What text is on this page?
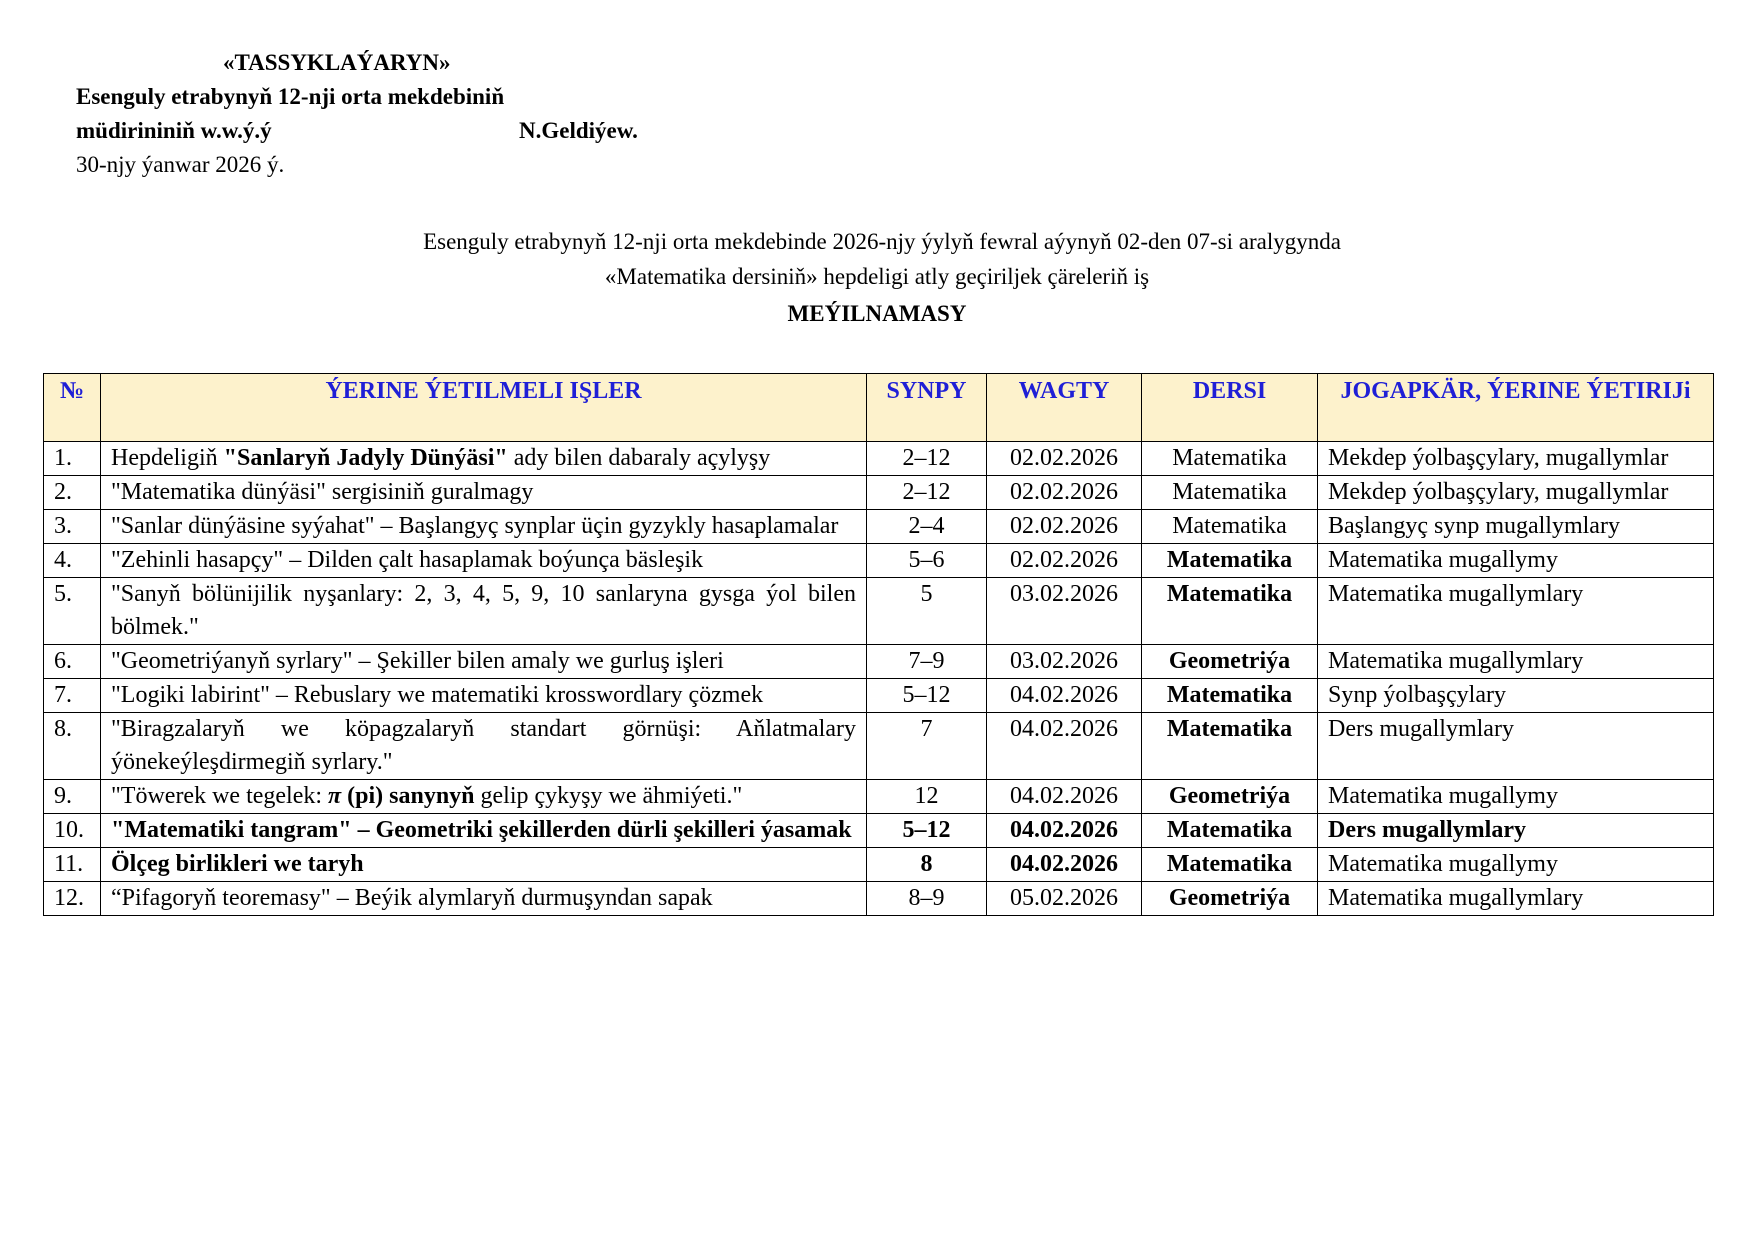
«TASSYKLAÝARYN»
Esenguly etrabynyň 12-nji orta mekdebiniň
müdirininiň w.w.ý.ý	N.Geldiýew.
30-njy ýanwar 2026 ý.
Esenguly etrabynyň 12-nji orta mekdebinde 2026-njy ýylyň fewral aýynyň 02-den 07-si aralygynda
«Matematika dersiniň» hepdeligi atly geçiriljek çäreleriň iş
MEÝILNAMASY
№	ÝERINE ÝETILMELI IŞLER	SYNPY	WAGTY	DERSI	JOGAPKÄR, ÝERINE ÝETIRIJi
1.	Hepdeligiň "Sanlaryň Jadyly Dünýäsi" ady bilen dabaraly açylyşy	2–12	02.02.2026	Matematika	Mekdep ýolbaşçylary, mugallymlar
2.	"Matematika dünýäsi" sergisiniň guralmagy	2–12	02.02.2026	Matematika	Mekdep ýolbaşçylary, mugallymlar
3.	"Sanlar dünýäsine syýahat" – Başlangyç synplar üçin gyzykly hasaplamalar	2–4	02.02.2026	Matematika	Başlangyç synp mugallymlary
4.	"Zehinli hasapçy" – Dilden çalt hasaplamak boýunça bäsleşik	5–6	02.02.2026	Matematika	Matematika mugallymy
5.	"Sanyň bölünijilik nyşanlary: 2, 3, 4, 5, 9, 10 sanlaryna gysga ýol bilen bölmek."	5	03.02.2026	Matematika	Matematika mugallymlary
6.	"Geometriýanyň syrlary" – Şekiller bilen amaly we gurluş işleri	7–9	03.02.2026	Geometriýa	Matematika mugallymlary
7.	"Logiki labirint" – Rebuslary we matematiki krosswordlary çözmek	5–12	04.02.2026	Matematika	Synp ýolbaşçylary
8.	"Biragzalaryň we köpagzalaryň standart görnüşi: Aňlatmalary ýönekeýleşdirmegiň syrlary."	7	04.02.2026	Matematika	Ders mugallymlary
9.	"Töwerek we tegelek: π (pi) sanynyň gelip çykyşy we ähmiýeti."	12	04.02.2026	Geometriýa	Matematika mugallymy
10.	"Matematiki tangram" – Geometriki şekillerden dürli şekilleri ýasamak	5–12	04.02.2026	Matematika	Ders mugallymlary
11.	Ölçeg birlikleri we taryh	8	04.02.2026	Matematika	Matematika mugallymy
12.	“Pifagoryň teoremasy" – Beýik alymlaryň durmuşyndan sapak	8–9	05.02.2026	Geometriýa	Matematika mugallymlary
